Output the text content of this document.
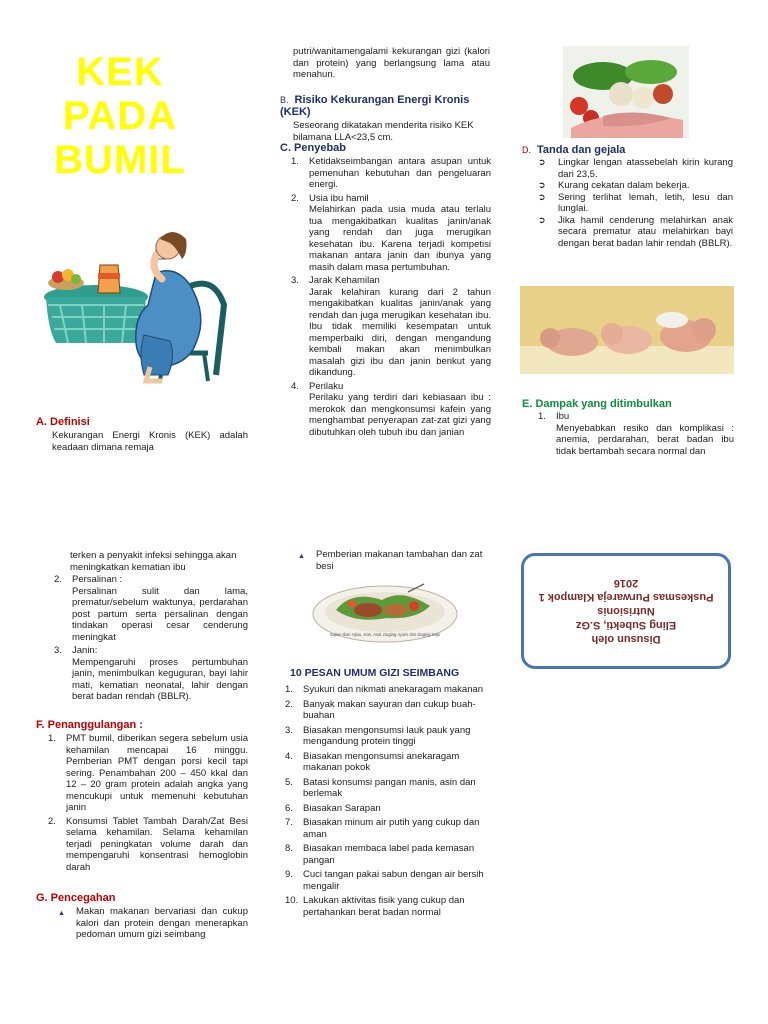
KEK
PADA
BUMIL
A. Definisi
Kekurangan Energi Kronis (KEK) adalah keadaan dimana remaja
putri/wanitamengalami kekurangan gizi (kalori dan protein) yang berlangsung lama atau menahun.
B. Risiko Kekurangan Energi Kronis (KEK)
Seseorang dikatakan menderita risiko KEK bilamana LLA<23,5 cm.
C. Penyebab
1. Ketidakseimbangan antara asupan untuk pemenuhan kebutuhan dan pengeluaran energi.
2. Usia ibu hamil
Melahirkan pada usia muda atau terlalu tua mengakibatkan kualitas janin/anak yang rendah dan juga merugikan kesehatan ibu. Karena terjadi kompetisi makanan antara janin dan ibunya yang masih dalam masa pertumbuhan.
3. Jarak Kehamilan
Jarak kelahiran kurang dari 2 tahun mengakibatkan kualitas janin/anak yang rendah dan juga merugikan kesehatan ibu. Ibu tidak memiliki kesempatan untuk memperbaiki diri, dengan mengandung kembali makan akan menimbulkan masalah gizi ibu dan janin berikut yang dikandung.
4. Perilaku
Perilaku yang terdiri dari kebiasaan ibu : merokok dan mengkonsumsi kafein yang menghambat penyerapan zat-zat gizi yang dibutuhkan oleh tubuh ibu dan janian
D. Tanda dan gejala
➲ Lingkar lengan atassebelah kirin kurang dari 23,5.
➲ Kurang cekatan dalam bekerja.
➲ Sering terlihat lemah, letih, lesu dan lunglai.
➲ Jika hamil cenderung melahirkan anak secara prematur atau melahirkan bayi dengan berat badan lahir rendah (BBLR).
E. Dampak yang ditimbulkan
1. Ibu
Menyebabkan resiko dan komplikasi : anemia, perdarahan, berat badan ibu tidak bertambah secara normal dan
terken a penyakit infeksi sehingga akan meningkatkan kematian ibu
2. Persalinan :
Persalinan sulit dan lama, prematur/sebelum waktunya, perdarahan post partum serta persalinan dengan tindakan operasi cesar cenderung meningkat
3. Janin:
Mempengaruhi proses pertumbuhan janin, menimbulkan keguguran, bayi lahir mati, kematian neonatal, lahir dengan berat badan rendah (BBLR).
F. Penanggulangan :
1. PMT bumil, diberikan segera sebelum usia kehamilan mencapai 16 minggu. Pemberian PMT dengan porsi kecil tapi sering. Penambahan 200 – 450 kkal dan 12 – 20 gram protein adalah angka yang mencukupi untuk memenuhi kebutuhan janin
2. Konsumsi Tablet Tambah Darah/Zat Besi selama kehamilan. Selama kehamilan terjadi peningkatan volume darah dan mempengaruhi konsentrasi hemoglobin darah
G. Pencegahan
▲ Makan makanan bervariasi dan cukup kalori dan protein dengan menerapkan pedoman umum gizi seimbang
▲ Pemberian makanan tambahan dan zat besi
Sajian Ikan Hijau, Kan, Hati, Daging Ayam dan Daging Sapi
10 PESAN UMUM GIZI SEIMBANG
1. Syukuri dan nikmati anekaragam makanan
2. Banyak makan sayuran dan cukup buah-buahan
3. Biasakan mengonsumsi lauk pauk yang mengandung protein tinggi
4. Biasakan mengonsumsi anekaragam makanan pokok
5. Batasi konsumsi pangan manis, asin dan berlemak
6. Biasakan Sarapan
7. Biasakan minum air putih yang cukup dan aman
8. Biasakan membaca label pada kemasan pangan
9. Cuci tangan pakai sabun dengan air bersih mengalir
10. Lakukan aktivitas fisik yang cukup dan pertahankan berat badan normal
Disusun oleh
Eling Subekti, S.Gz
Nutrisionis
Puskesmas Purwareja Klampok 1
2016
